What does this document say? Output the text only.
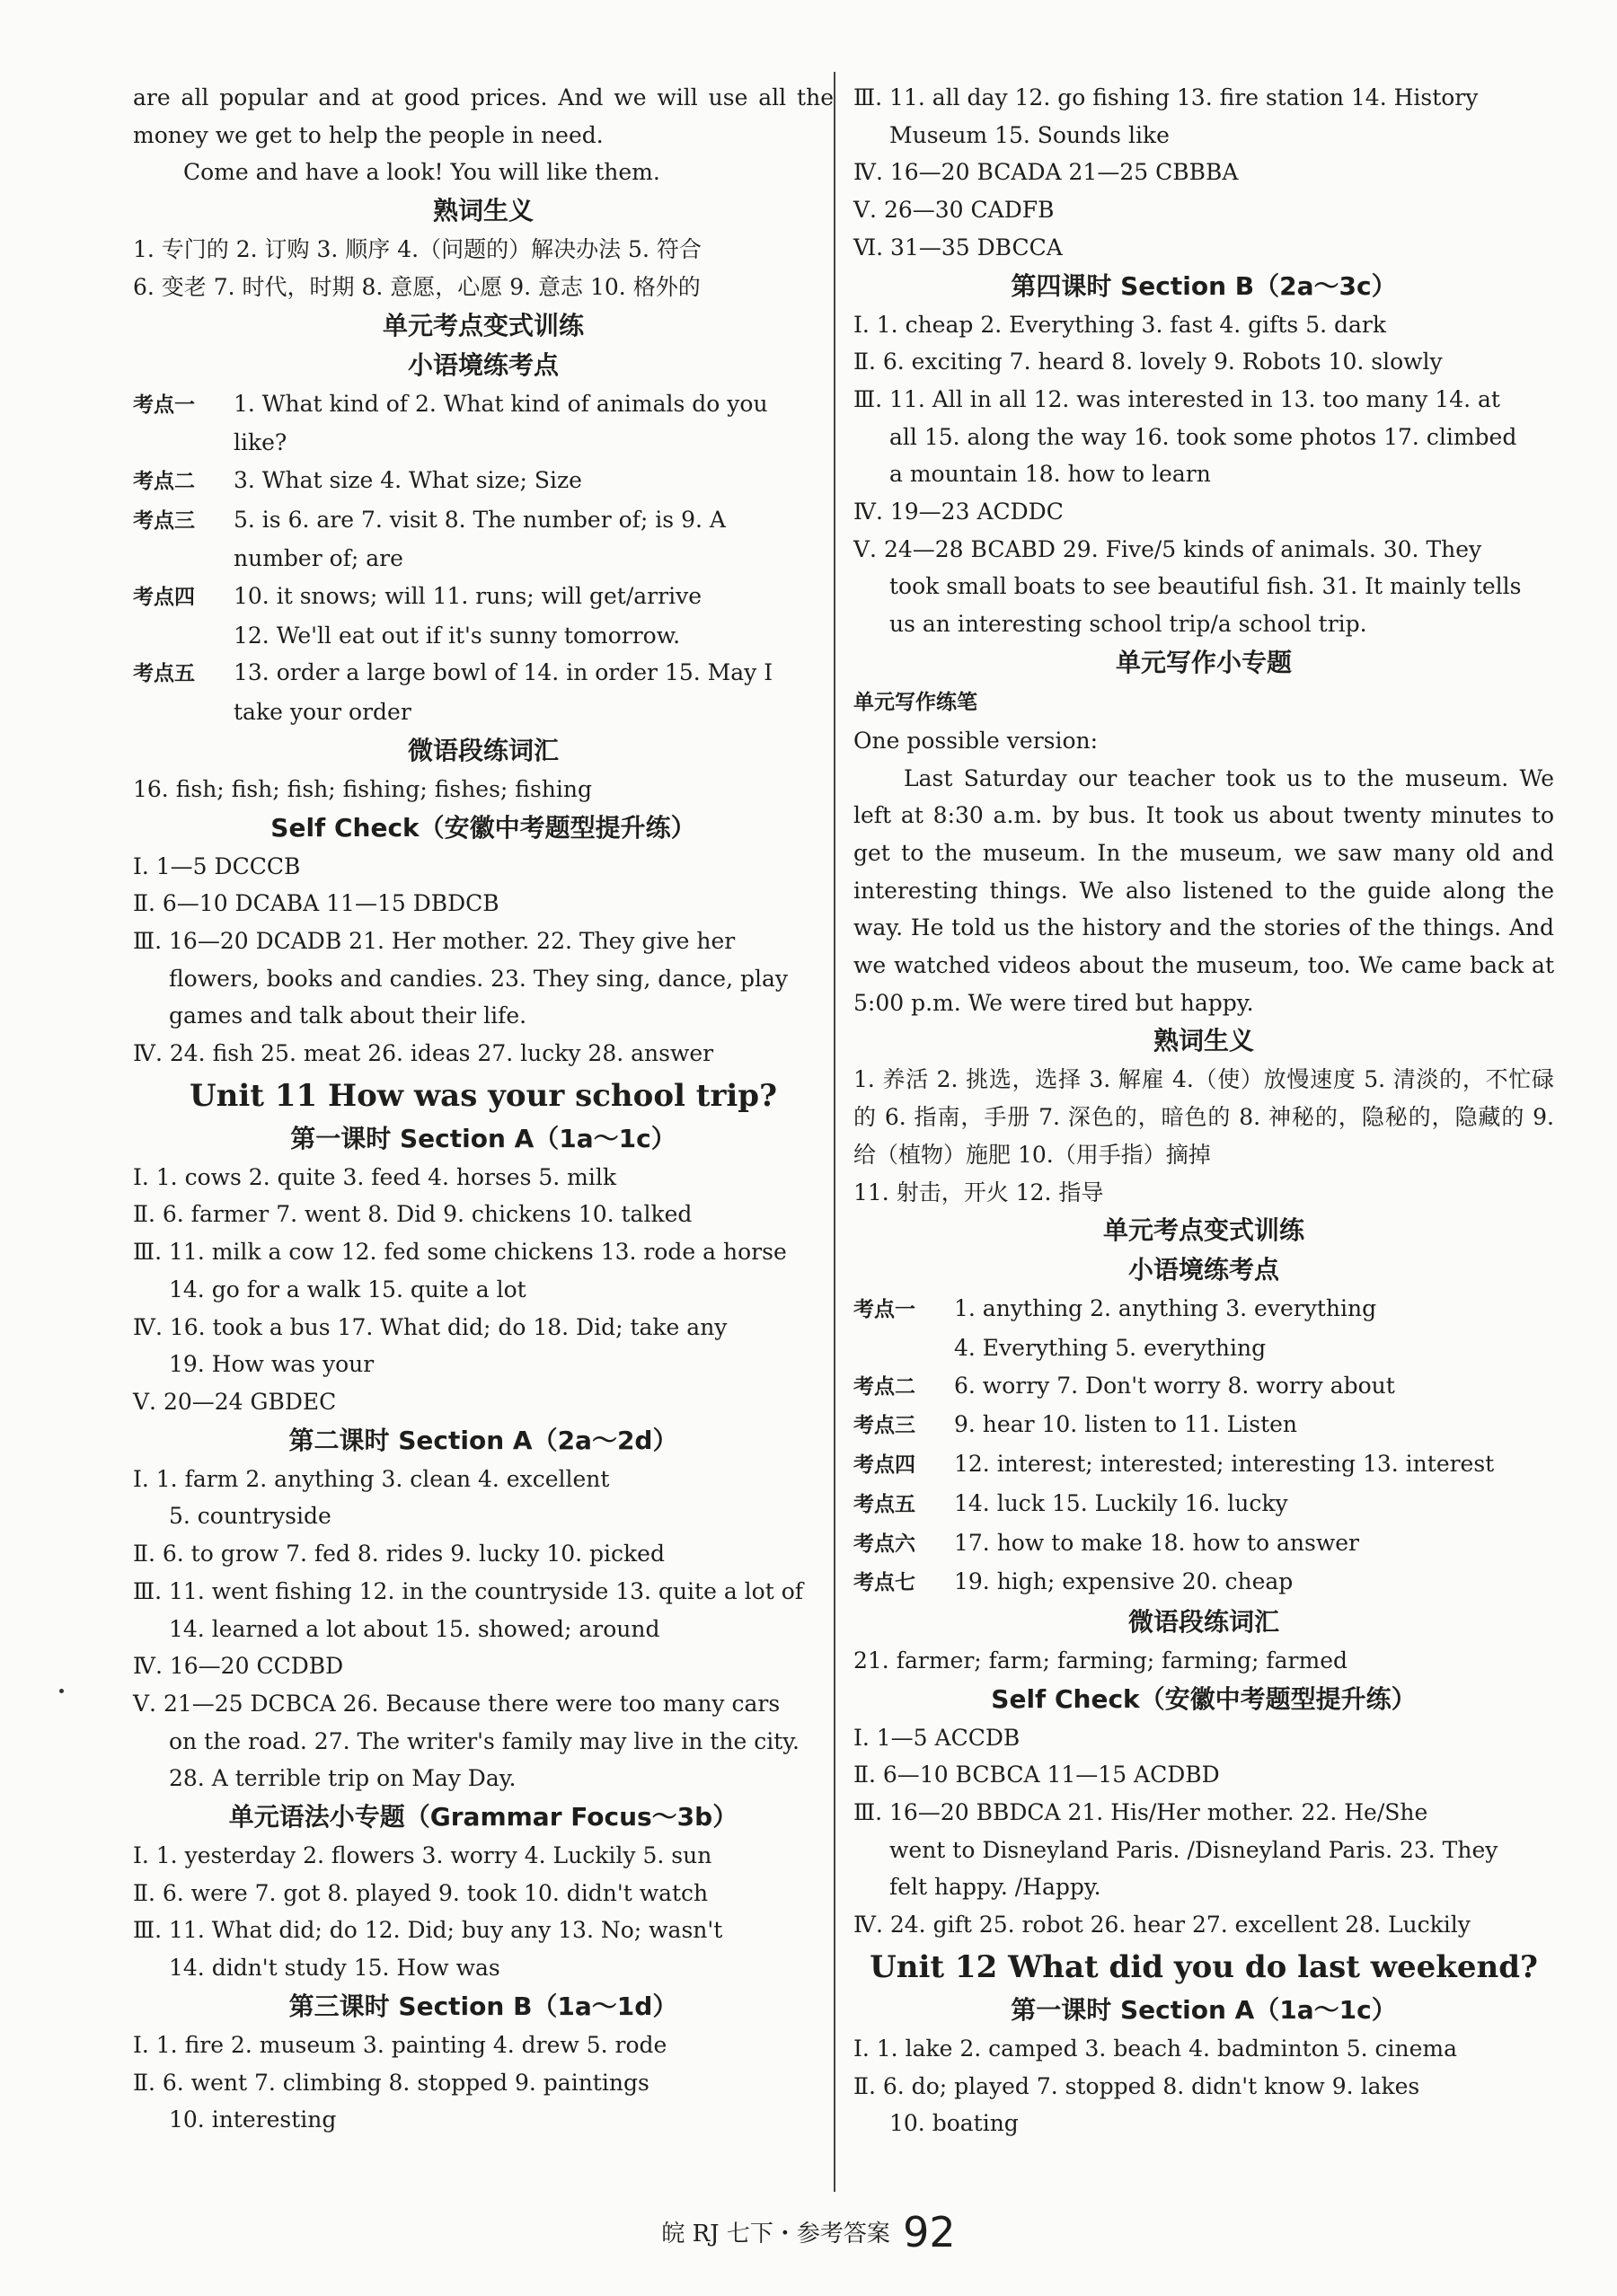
are all popular and at good prices. And we will use all the money we get to help the people in need.
Come and have a look! You will like them.
熟词生义
1. 专门的 2. 订购 3. 顺序 4.（问题的）解决办法 5. 符合
6. 变老 7. 时代，时期 8. 意愿，心愿 9. 意志 10. 格外的
单元考点变式训练
小语境练考点
考点一 1. What kind of 2. What kind of animals do you
like?
考点二 3. What size 4. What size; Size
考点三 5. is 6. are 7. visit 8. The number of; is 9. A
number of; are
考点四 10. it snows; will 11. runs; will get/arrive
12. We'll eat out if it's sunny tomorrow.
考点五 13. order a large bowl of 14. in order 15. May I
take your order
微语段练词汇
16. fish; fish; fish; fishing; fishes; fishing
Self Check（安徽中考题型提升练）
Ⅰ. 1—5 DCCCB
Ⅱ. 6—10 DCABA 11—15 DBDCB
Ⅲ. 16—20 DCADB 21. Her mother. 22. They give her
flowers, books and candies. 23. They sing, dance, play
games and talk about their life.
Ⅳ. 24. fish 25. meat 26. ideas 27. lucky 28. answer
Unit 11 How was your school trip?
第一课时 Section A（1a～1c）
Ⅰ. 1. cows 2. quite 3. feed 4. horses 5. milk
Ⅱ. 6. farmer 7. went 8. Did 9. chickens 10. talked
Ⅲ. 11. milk a cow 12. fed some chickens 13. rode a horse
14. go for a walk 15. quite a lot
Ⅳ. 16. took a bus 17. What did; do 18. Did; take any
19. How was your
Ⅴ. 20—24 GBDEC
第二课时 Section A（2a～2d）
Ⅰ. 1. farm 2. anything 3. clean 4. excellent
5. countryside
Ⅱ. 6. to grow 7. fed 8. rides 9. lucky 10. picked
Ⅲ. 11. went fishing 12. in the countryside 13. quite a lot of
14. learned a lot about 15. showed; around
Ⅳ. 16—20 CCDBD
Ⅴ. 21—25 DCBCA 26. Because there were too many cars
on the road. 27. The writer's family may live in the city.
28. A terrible trip on May Day.
单元语法小专题（Grammar Focus～3b）
Ⅰ. 1. yesterday 2. flowers 3. worry 4. Luckily 5. sun
Ⅱ. 6. were 7. got 8. played 9. took 10. didn't watch
Ⅲ. 11. What did; do 12. Did; buy any 13. No; wasn't
14. didn't study 15. How was
第三课时 Section B（1a～1d）
Ⅰ. 1. fire 2. museum 3. painting 4. drew 5. rode
Ⅱ. 6. went 7. climbing 8. stopped 9. paintings
10. interesting
Ⅲ. 11. all day 12. go fishing 13. fire station 14. History
Museum 15. Sounds like
Ⅳ. 16—20 BCADA 21—25 CBBBA
Ⅴ. 26—30 CADFB
Ⅵ. 31—35 DBCCA
第四课时 Section B（2a～3c）
Ⅰ. 1. cheap 2. Everything 3. fast 4. gifts 5. dark
Ⅱ. 6. exciting 7. heard 8. lovely 9. Robots 10. slowly
Ⅲ. 11. All in all 12. was interested in 13. too many 14. at
all 15. along the way 16. took some photos 17. climbed
a mountain 18. how to learn
Ⅳ. 19—23 ACDDC
Ⅴ. 24—28 BCABD 29. Five/5 kinds of animals. 30. They
took small boats to see beautiful fish. 31. It mainly tells
us an interesting school trip/a school trip.
单元写作小专题
单元写作练笔
One possible version:
Last Saturday our teacher took us to the museum. We left at 8:30 a.m. by bus. It took us about twenty minutes to get to the museum. In the museum, we saw many old and interesting things. We also listened to the guide along the way. He told us the history and the stories of the things. And we watched videos about the museum, too. We came back at 5:00 p.m. We were tired but happy.
熟词生义
1. 养活 2. 挑选，选择 3. 解雇 4.（使）放慢速度 5. 清淡的，不忙碌的 6. 指南，手册 7. 深色的，暗色的 8. 神秘的，隐秘的，隐藏的 9. 给（植物）施肥 10.（用手指）摘掉
11. 射击，开火 12. 指导
单元考点变式训练
小语境练考点
考点一 1. anything 2. anything 3. everything
4. Everything 5. everything
考点二 6. worry 7. Don't worry 8. worry about
考点三 9. hear 10. listen to 11. Listen
考点四 12. interest; interested; interesting 13. interest
考点五 14. luck 15. Luckily 16. lucky
考点六 17. how to make 18. how to answer
考点七 19. high; expensive 20. cheap
微语段练词汇
21. farmer; farm; farming; farming; farmed
Self Check（安徽中考题型提升练）
Ⅰ. 1—5 ACCDB
Ⅱ. 6—10 BCBCA 11—15 ACDBD
Ⅲ. 16—20 BBDCA 21. His/Her mother. 22. He/She
went to Disneyland Paris. /Disneyland Paris. 23. They
felt happy. /Happy.
Ⅳ. 24. gift 25. robot 26. hear 27. excellent 28. Luckily
Unit 12 What did you do last weekend?
第一课时 Section A（1a～1c）
Ⅰ. 1. lake 2. camped 3. beach 4. badminton 5. cinema
Ⅱ. 6. do; played 7. stopped 8. didn't know 9. lakes
10. boating
皖 RJ 七下・参考答案 92
